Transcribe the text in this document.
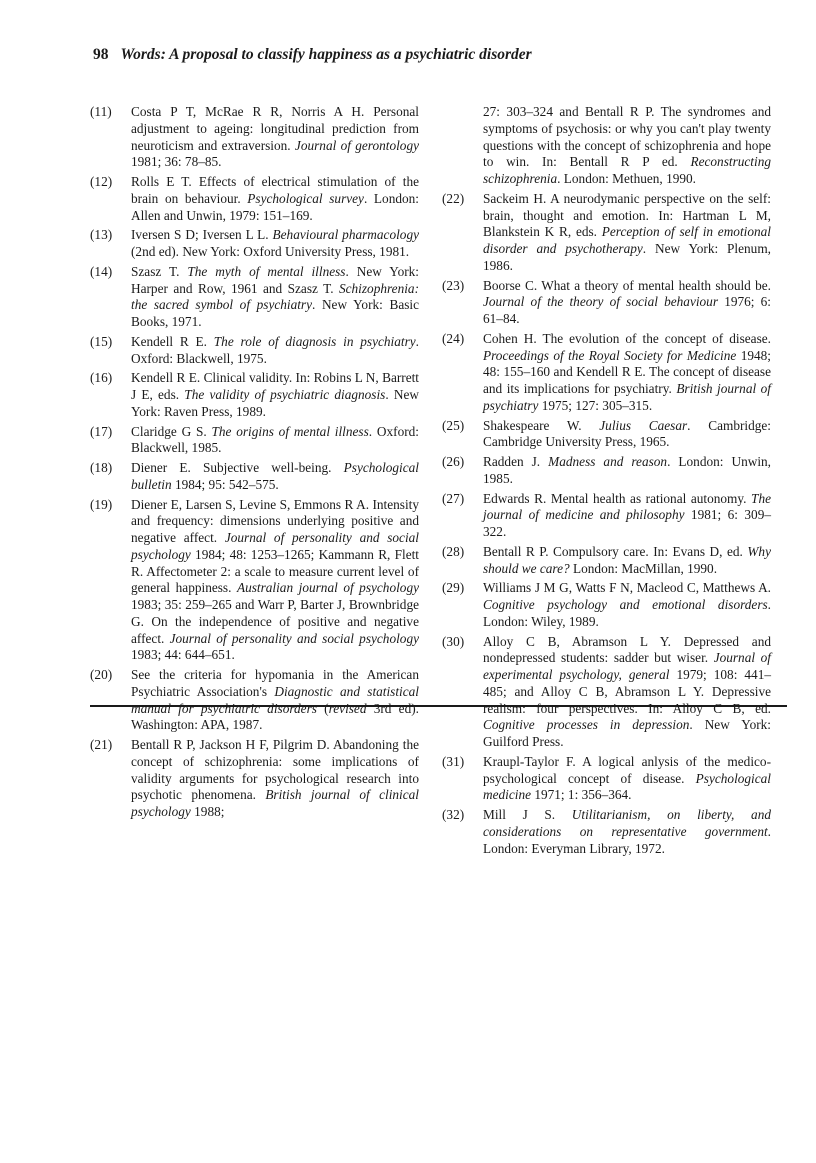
98 Words: A proposal to classify happiness as a psychiatric disorder

(11) Costa P T, McRae R R, Norris A H. Personal adjustment to ageing: longitudinal prediction from neuroticism and extraversion. Journal of gerontology 1981; 36: 78–85.

(12) Rolls E T. Effects of electrical stimulation of the brain on behaviour. Psychological survey. London: Allen and Unwin, 1979: 151–169.

(13) Iversen S D; Iversen L L. Behavioural pharmacology (2nd ed). New York: Oxford University Press, 1981.

(14) Szasz T. The myth of mental illness. New York: Harper and Row, 1961 and Szasz T. Schizophrenia: the sacred symbol of psychiatry. New York: Basic Books, 1971.

(15) Kendell R E. The role of diagnosis in psychiatry. Oxford: Blackwell, 1975.

(16) Kendell R E. Clinical validity. In: Robins L N, Barrett J E, eds. The validity of psychiatric diagnosis. New York: Raven Press, 1989.

(17) Claridge G S. The origins of mental illness. Oxford: Blackwell, 1985.

(18) Diener E. Subjective well-being. Psychological bulletin 1984; 95: 542–575.

(19) Diener E, Larsen S, Levine S, Emmons R A. Intensity and frequency: dimensions underlying positive and negative affect. Journal of personality and social psychology 1984; 48: 1253–1265; Kammann R, Flett R. Affectometer 2: a scale to measure current level of general happiness. Australian journal of psychology 1983; 35: 259–265 and Warr P, Barter J, Brownbridge G. On the independence of positive and negative affect. Journal of personality and social psychology 1983; 44: 644–651.

(20) See the criteria for hypomania in the American Psychiatric Association's Diagnostic and statistical manual for psychiatric disorders (revised 3rd ed). Washington: APA, 1987.

(21) Bentall R P, Jackson H F, Pilgrim D. Abandoning the concept of schizophrenia: some implications of validity arguments for psychological research into psychotic phenomena. British journal of clinical psychology 1988;

27: 303–324 and Bentall R P. The syndromes and symptoms of psychosis: or why you can't play twenty questions with the concept of schizophrenia and hope to win. In: Bentall R P ed. Reconstructing schizophrenia. London: Methuen, 1990.

(22) Sackeim H. A neurodymanic perspective on the self: brain, thought and emotion. In: Hartman L M, Blankstein K R, eds. Perception of self in emotional disorder and psychotherapy. New York: Plenum, 1986.

(23) Boorse C. What a theory of mental health should be. Journal of the theory of social behaviour 1976; 6: 61–84.

(24) Cohen H. The evolution of the concept of disease. Proceedings of the Royal Society for Medicine 1948; 48: 155–160 and Kendell R E. The concept of disease and its implications for psychiatry. British journal of psychiatry 1975; 127: 305–315.

(25) Shakespeare W. Julius Caesar. Cambridge: Cambridge University Press, 1965.

(26) Radden J. Madness and reason. London: Unwin, 1985.

(27) Edwards R. Mental health as rational autonomy. The journal of medicine and philosophy 1981; 6: 309–322.

(28) Bentall R P. Compulsory care. In: Evans D, ed. Why should we care? London: MacMillan, 1990.

(29) Williams J M G, Watts F N, Macleod C, Matthews A. Cognitive psychology and emotional disorders. London: Wiley, 1989.

(30) Alloy C B, Abramson L Y. Depressed and nondepressed students: sadder but wiser. Journal of experimental psychology, general 1979; 108: 441–485; and Alloy C B, Abramson L Y. Depressive realism: four perspectives. In: Alloy C B, ed. Cognitive processes in depression. New York: Guilford Press.

(31) Kraupl-Taylor F. A logical anlysis of the medico-psychological concept of disease. Psychological medicine 1971; 1: 356–364.

(32) Mill J S. Utilitarianism, on liberty, and considerations on representative government. London: Everyman Library, 1972.
